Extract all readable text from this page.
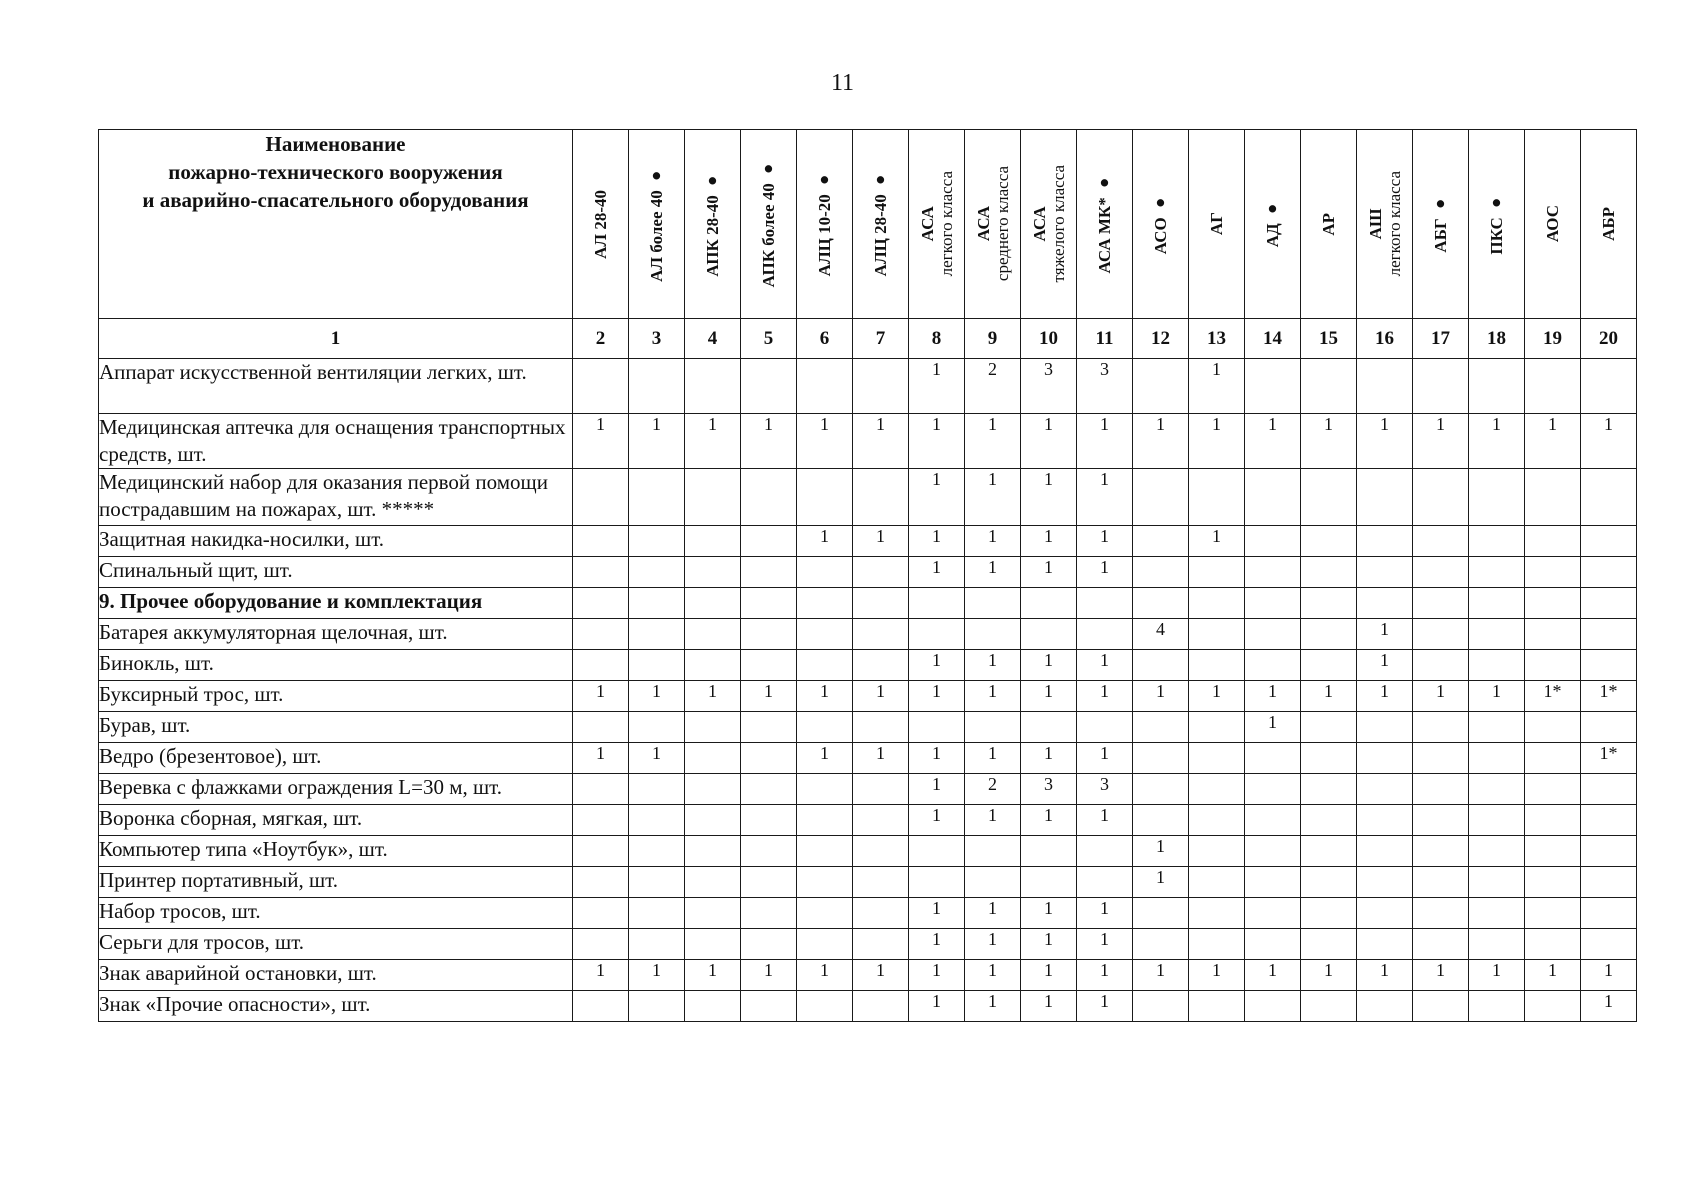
11
Наименование
пожарно-технического вооружения
и аварийно-спасательного оборудования	АЛ 28-40	АЛ более 40 ●	АПК 28-40 ●	АПК более 40 ●	АЛЦ 10-20 ●	АЛЦ 28-40 ●	АСА легкого класса	АСА среднего класса	АСА тяжелого класса	АСА МК* ●	АСО ●	АГ	АД ●	АР	АШ легкого класса	АБГ ●	ПКС ●	АОС	АБР

1	2	3	4	5	6	7	8	9	10	11	12	13	14	15	16	17	18	19	20
Аппарат искусственной вентиляции легких, шт.							1	2	3	3		1							
Медицинская аптечка для оснащения транспортных средств, шт.	1	1	1	1	1	1	1	1	1	1	1	1	1	1	1	1	1	1	1
Медицинский набор для оказания первой помощи пострадавшим на пожарах, шт. *****							1	1	1	1									
Защитная накидка-носилки, шт.					1	1	1	1	1	1		1							
Спинальный щит, шт.							1	1	1	1									
9. Прочее оборудование и комплектация																			
Батарея аккумуляторная щелочная, шт.											4				1				
Бинокль, шт.							1	1	1	1					1				
Буксирный трос, шт.	1	1	1	1	1	1	1	1	1	1	1	1	1	1	1	1	1	1*	1*
Бурав, шт.													1						
Ведро (брезентовое), шт.	1	1			1	1	1	1	1	1									1*
Веревка с флажками ограждения L=30 м, шт.							1	2	3	3									
Воронка сборная, мягкая, шт.							1	1	1	1									
Компьютер типа «Ноутбук», шт.											1								
Принтер портативный, шт.											1								
Набор тросов, шт.							1	1	1	1									
Серьги для тросов, шт.							1	1	1	1									
Знак аварийной остановки, шт.	1	1	1	1	1	1	1	1	1	1	1	1	1	1	1	1	1	1	1
Знак «Прочие опасности», шт.							1	1	1	1									1
